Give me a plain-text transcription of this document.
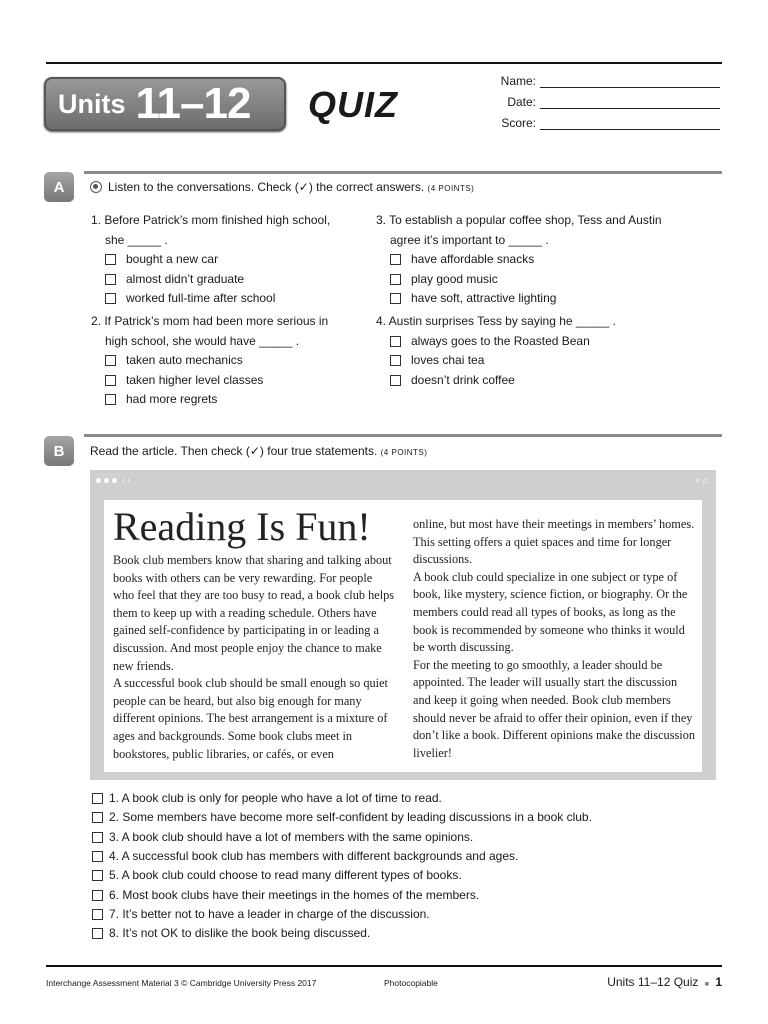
Units 11–12 QUIZ
Name:
Date:
Score:
A	Listen to the conversations. Check (✓) the correct answers. (4 POINTS)
1. Before Patrick’s mom finished high school,
she _____ .
bought a new car
almost didn’t graduate
worked full-time after school
2. If Patrick’s mom had been more serious in
high school, she would have _____ .
taken auto mechanics
taken higher level classes
had more regrets
3. To establish a popular coffee shop, Tess and Austin
agree it’s important to _____ .
have affordable snacks
play good music
have soft, attractive lighting
4. Austin surprises Tess by saying he _____ .
always goes to the Roasted Bean
loves chai tea
doesn’t drink coffee
B	Read the article. Then check (✓) four true statements. (4 POINTS)
‹ ›	⌕ ⌂
Reading Is Fun!

Book club members know that sharing and talking about books with others can be very rewarding. For people who feel that they are too busy to read, a book club helps them to keep up with a reading schedule. Others have gained self-confidence by participating in or leading a discussion. And most people enjoy the chance to make new friends.

A successful book club should be small enough so quiet people can be heard, but also big enough for many different opinions. The best arrangement is a mixture of ages and backgrounds. Some book clubs meet in bookstores, public libraries, or cafés, or even

online, but most have their meetings in members’ homes. This setting offers a quiet spaces and time for longer discussions.

A book club could specialize in one subject or type of book, like mystery, science fiction, or biography. Or the members could read all types of books, as long as the book is recommended by someone who thinks it would be worth discussing.

For the meeting to go smoothly, a leader should be appointed. The leader will usually start the discussion and keep it going when needed. Book club members should never be afraid to offer their opinion, even if they don’t like a book. Different opinions make the discussion livelier!

1. A book club is only for people who have a lot of time to read.
2. Some members have become more self-confident by leading discussions in a book club.
3. A book club should have a lot of members with the same opinions.
4. A successful book club has members with different backgrounds and ages.
5. A book club could choose to read many different types of books.
6. Most book clubs have their meetings in the homes of the members.
7. It’s better not to have a leader in charge of the discussion.
8. It’s not OK to dislike the book being discussed.
Interchange Assessment Material 3 © Cambridge University Press 2017	Photocopiable	Units 11–12 Quiz ■ 1
